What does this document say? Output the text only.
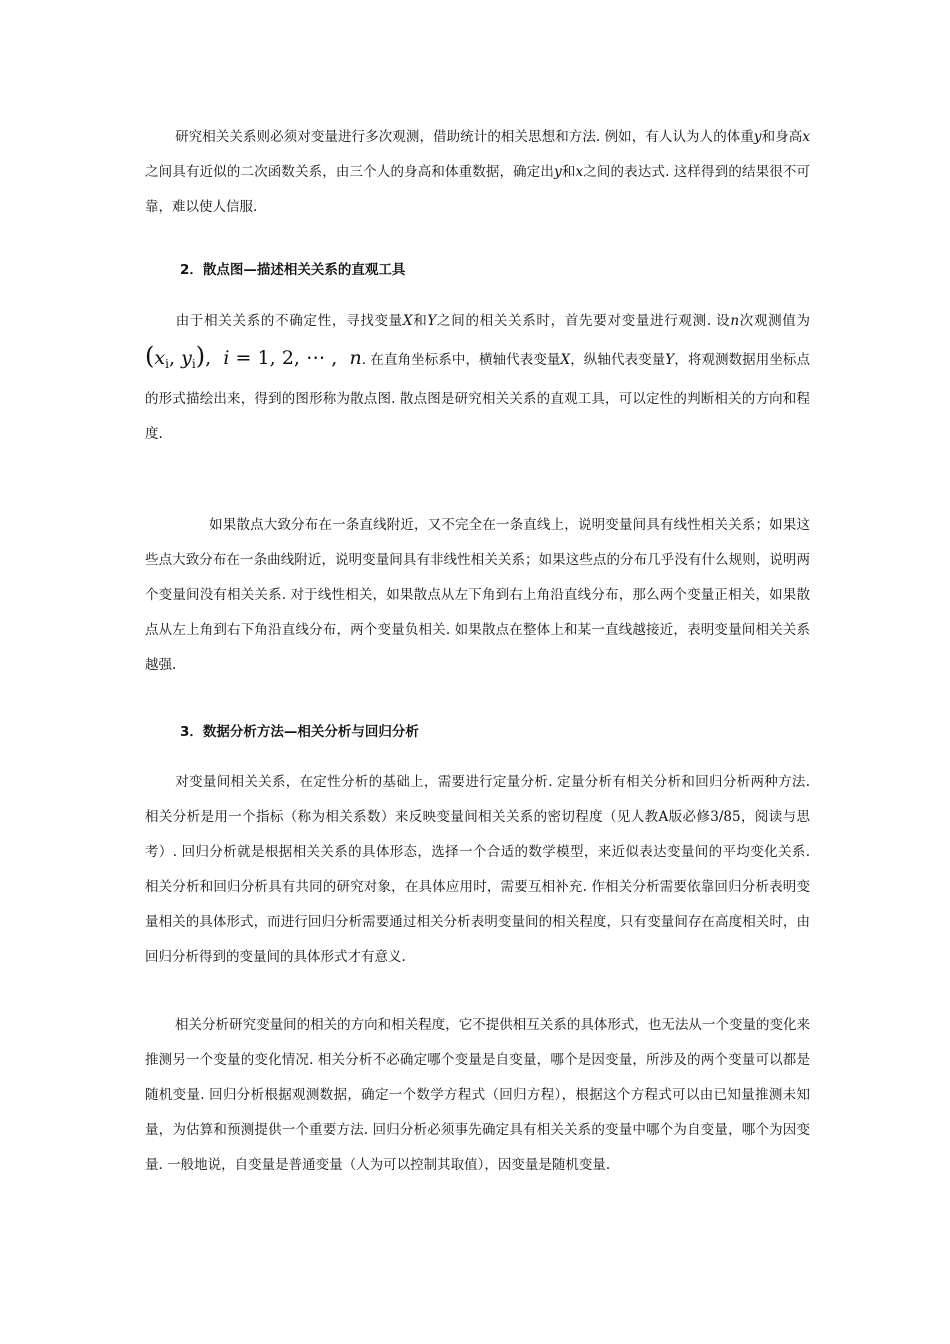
研究相关关系则必须对变量进行多次观测，借助统计的相关思想和方法. 例如，有人认为人的体重y和身高x之间具有近似的二次函数关系，由三个人的身高和体重数据，确定出y和x之间的表达式. 这样得到的结果很不可靠，难以使人信服.

2．散点图—描述相关关系的直观工具

由于相关关系的不确定性，寻找变量X和Y之间的相关关系时，首先要对变量进行观测. 设n次观测值为 ($x_i$, $y_i$), i = 1, 2, ⋯ , n. 在直角坐标系中，横轴代表变量X，纵轴代表变量Y，将观测数据用坐标点的形式描绘出来，得到的图形称为散点图. 散点图是研究相关关系的直观工具，可以定性的判断相关的方向和程度.

如果散点大致分布在一条直线附近，又不完全在一条直线上，说明变量间具有线性相关关系；如果这些点大致分布在一条曲线附近，说明变量间具有非线性相关关系；如果这些点的分布几乎没有什么规则，说明两个变量间没有相关关系. 对于线性相关，如果散点从左下角到右上角沿直线分布，那么两个变量正相关，如果散点从左上角到右下角沿直线分布，两个变量负相关. 如果散点在整体上和某一直线越接近，表明变量间相关关系越强.

3．数据分析方法—相关分析与回归分析

对变量间相关关系，在定性分析的基础上，需要进行定量分析. 定量分析有相关分析和回归分析两种方法. 相关分析是用一个指标（称为相关系数）来反映变量间相关关系的密切程度（见人教A版必修3/85，阅读与思考）. 回归分析就是根据相关关系的具体形态，选择一个合适的数学模型，来近似表达变量间的平均变化关系. 相关分析和回归分析具有共同的研究对象，在具体应用时，需要互相补充. 作相关分析需要依靠回归分析表明变量相关的具体形式，而进行回归分析需要通过相关分析表明变量间的相关程度，只有变量间存在高度相关时，由回归分析得到的变量间的具体形式才有意义.

相关分析研究变量间的相关的方向和相关程度，它不提供相互关系的具体形式，也无法从一个变量的变化来推测另一个变量的变化情况. 相关分析不必确定哪个变量是自变量，哪个是因变量，所涉及的两个变量可以都是随机变量. 回归分析根据观测数据，确定一个数学方程式（回归方程），根据这个方程式可以由已知量推测未知量，为估算和预测提供一个重要方法. 回归分析必须事先确定具有相关关系的变量中哪个为自变量，哪个为因变量. 一般地说，自变量是普通变量（人为可以控制其取值），因变量是随机变量.
